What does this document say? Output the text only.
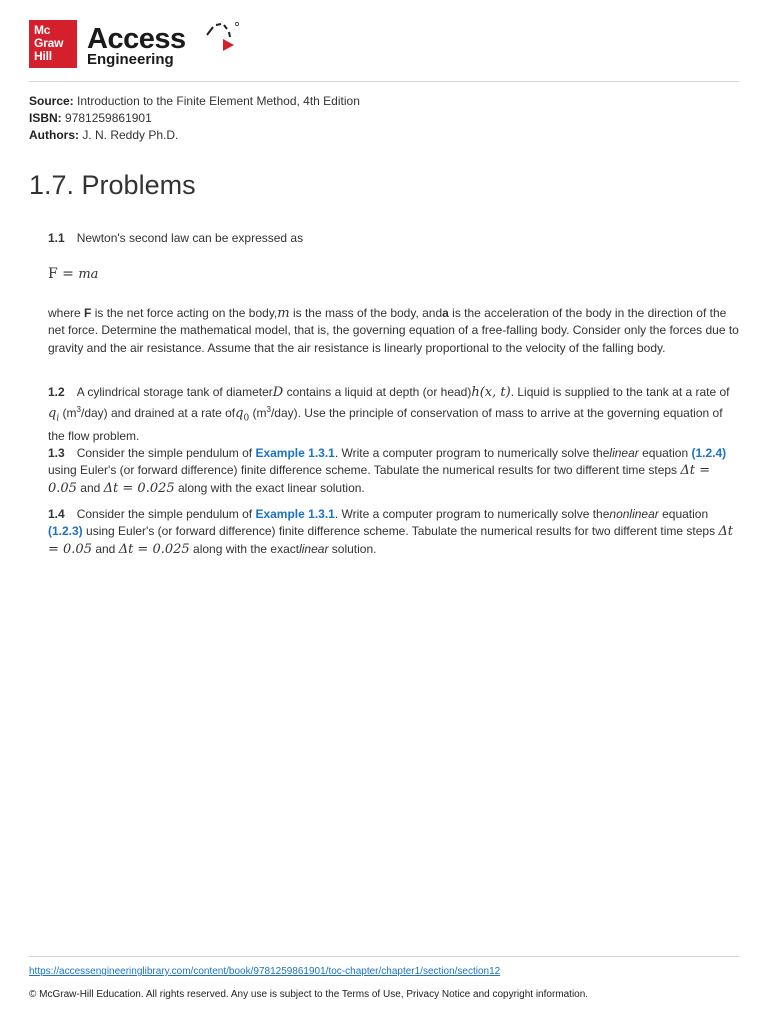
Mc
Graw
Hill
Access
Engineering
Source: Introduction to the Finite Element Method, 4th Edition
ISBN: 9781259861901
Authors: J. N. Reddy Ph.D.
1.7. Problems
1.1 Newton's second law can be expressed as
F = ma
where F is the net force acting on the body,m is the mass of the body, anda is the acceleration of the body in the direction of the net force. Determine the mathematical model, that is, the governing equation of a free-falling body. Consider only the forces due to gravity and the air resistance. Assume that the air resistance is linearly proportional to the velocity of the falling body.
1.2 A cylindrical storage tank of diameterD contains a liquid at depth (or head)h(x, t). Liquid is supplied to the tank at a rate of $q_i$ $(m^3/day)$ and drained at a rate ofq$_0$ $(m^3/day)$. Use the principle of conservation of mass to arrive at the governing equation of the flow problem.
1.3 Consider the simple pendulum of Example 1.3.1. Write a computer program to numerically solve thelinear equation (1.2.4) using Euler's (or forward difference) finite difference scheme. Tabulate the numerical results for two different time steps Δt = 0.05 and Δt = 0.025 along with the exact linear solution.
1.4 Consider the simple pendulum of Example 1.3.1. Write a computer program to numerically solve thenonlinear equation (1.2.3) using Euler's (or forward difference) finite difference scheme. Tabulate the numerical results for two different time steps Δt = 0.05 and Δt = 0.025 along with the exactlinear solution.
https://accessengineeringlibrary.com/content/book/9781259861901/toc-chapter/chapter1/section/section12
© McGraw-Hill Education. All rights reserved. Any use is subject to the Terms of Use, Privacy Notice and copyright information.
